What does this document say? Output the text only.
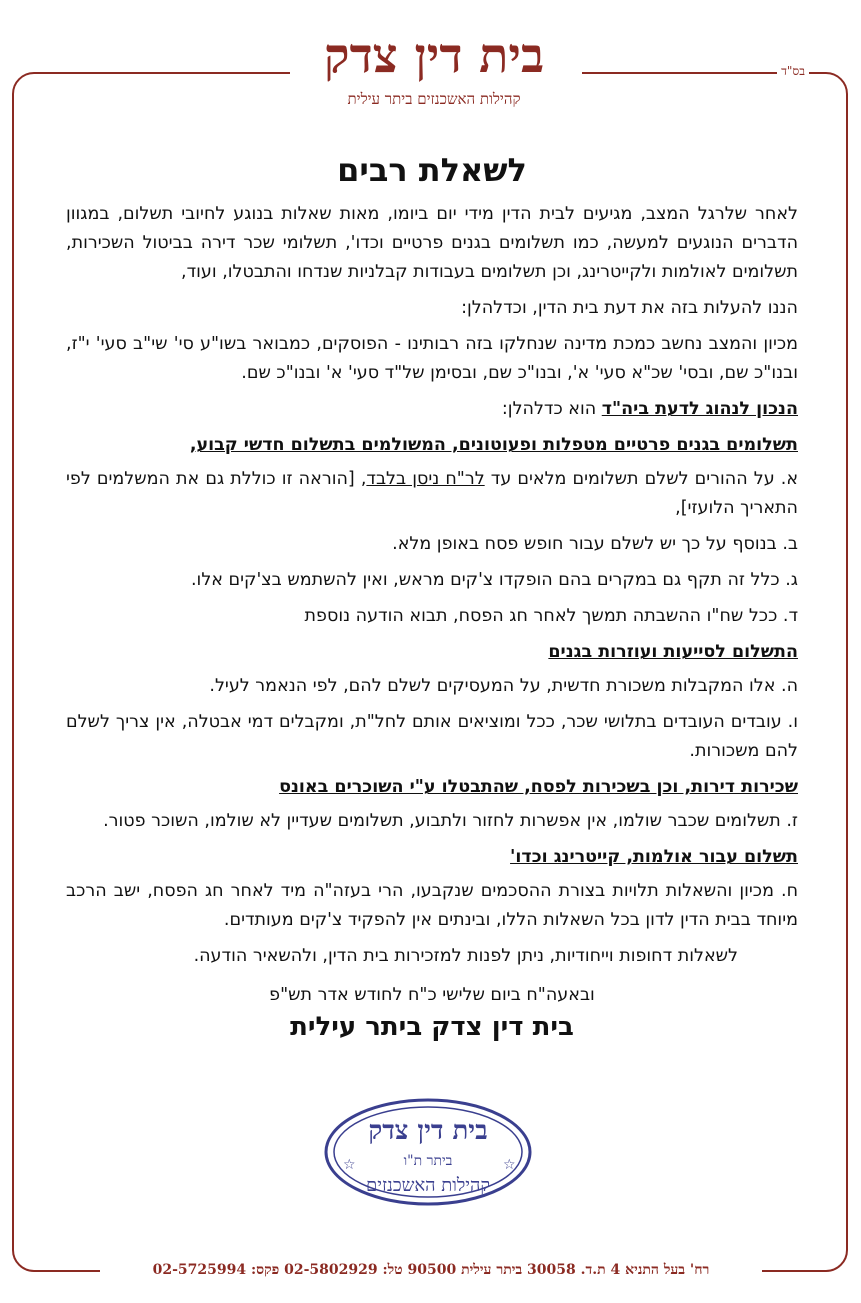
בית דין צדק
קהילות האשכנזים ביתר עילית
בס"ד
לשאלת רבים

לאחר שלרגל המצב, מגיעים לבית הדין מידי יום ביומו, מאות שאלות בנוגע לחיובי תשלום, במגוון הדברים הנוגעים למעשה, כמו תשלומים בגנים פרטיים וכדו', תשלומי שכר דירה בביטול השכירות, תשלומים לאולמות ולקייטרינג, וכן תשלומים בעבודות קבלניות שנדחו והתבטלו, ועוד,

הננו להעלות בזה את דעת בית הדין, וכדלהלן:

מכיון והמצב נחשב כמכת מדינה שנחלקו בזה רבותינו - הפוסקים, כמבואר בשו"ע סי' שי"ב סעי' י"ז, ובנו"כ שם, ובסי' שכ"א סעי' א', ובנו"כ שם, ובסימן של"ד סעי' א' ובנו"כ שם.

הנכון לנהוג לדעת ביה"ד הוא כדלהלן:

תשלומים בגנים פרטיים מטפלות ופעוטונים, המשולמים בתשלום חדשי קבוע,

א. על ההורים לשלם תשלומים מלאים עד לר"ח ניסן בלבד, [הוראה זו כוללת גם את המשלמים לפי התאריך הלועזי],

ב. בנוסף על כך יש לשלם עבור חופש פסח באופן מלא.

ג. כלל זה תקף גם במקרים בהם הופקדו צ'קים מראש, ואין להשתמש בצ'קים אלו.

ד. ככל שח"ו ההשבתה תמשך לאחר חג הפסח, תבוא הודעה נוספת

התשלום לסייעות ועוזרות בגנים

ה. אלו המקבלות משכורת חדשית, על המעסיקים לשלם להם, לפי הנאמר לעיל.

ו. עובדים העובדים בתלושי שכר, ככל ומוציאים אותם לחל"ת, ומקבלים דמי אבטלה, אין צריך לשלם להם משכורות.

שכירות דירות, וכן בשכירות לפסח, שהתבטלו ע"י השוכרים באונס

ז. תשלומים שכבר שולמו, אין אפשרות לחזור ולתבוע, תשלומים שעדיין לא שולמו, השוכר פטור.

תשלום עבור אולמות, קייטרינג וכדו'

ח. מכיון והשאלות תלויות בצורת ההסכמים שנקבעו, הרי בעזה"ה מיד לאחר חג הפסח, ישב הרכב מיוחד בבית הדין לדון בכל השאלות הללו, ובינתים אין להפקיד צ'קים מעותדים.

לשאלות דחופות וייחודיות, ניתן לפנות למזכירות בית הדין, ולהשאיר הודעה.

ובאעה"ח ביום שלישי כ"ח לחודש אדר תש"פ

בית דין צדק ביתר עילית
בית דין צדק
ביתר ת"ו
קהילות האשכנזים
☆	☆
רח' בעל התניא 4 ת.ד. 30058 ביתר עילית 90500 טל: 02-5802929 פקס: 02-5725994
